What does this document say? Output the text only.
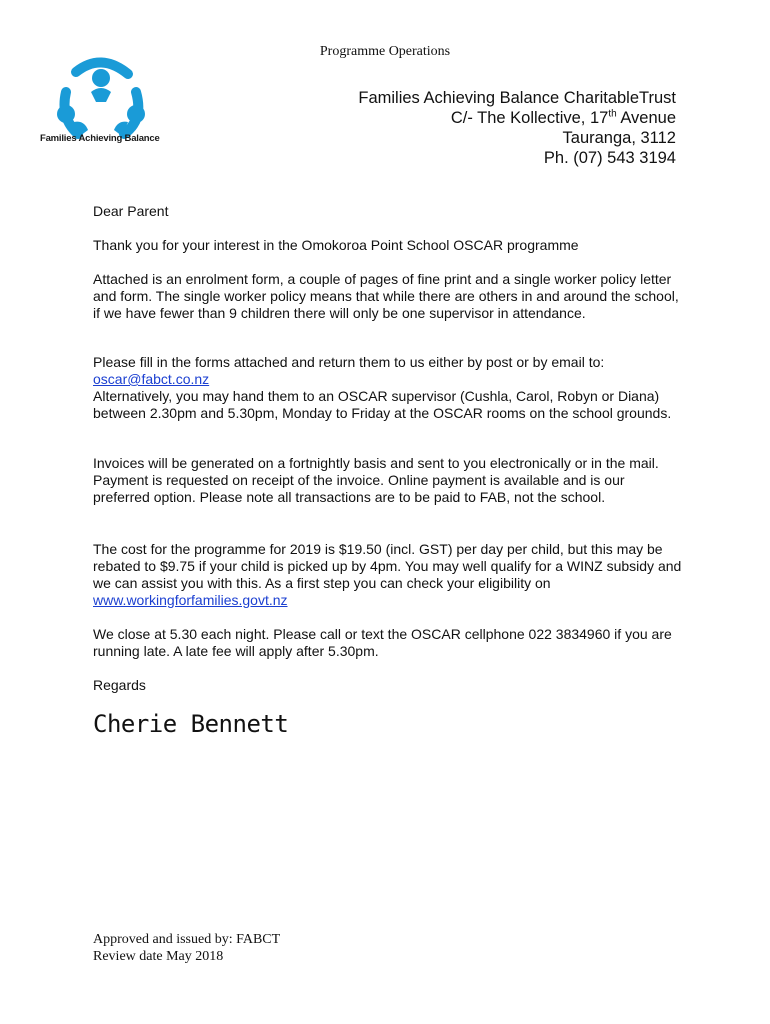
Programme Operations
Families Achieving Balance
Families Achieving Balance CharitableTrust
C/- The Kollective, 17th Avenue
Tauranga, 3112
Ph. (07) 543 3194
Dear Parent
Thank you for your interest in the Omokoroa Point School OSCAR programme
Attached is an enrolment form, a couple of pages of fine print and a single worker policy letter and form. The single worker policy means that while there are others in and around the school, if we have fewer than 9 children there will only be one supervisor in attendance.

Please fill in the forms attached and return them to us either by post or by email to:

oscar@fabct.co.nz

Alternatively, you may hand them to an OSCAR supervisor (Cushla, Carol, Robyn or Diana) between 2.30pm and 5.30pm, Monday to Friday at the OSCAR rooms on the school grounds.

Invoices will be generated on a fortnightly basis and sent to you electronically or in the mail. Payment is requested on receipt of the invoice. Online payment is available and is our preferred option. Please note all transactions are to be paid to FAB, not the school.
The cost for the programme for 2019 is $19.50 (incl. GST) per day per child, but this may be rebated to $9.75 if your child is picked up by 4pm. You may well qualify for a WINZ subsidy and we can assist you with this. As a first step you can check your eligibility on www.workingforfamilies.govt.nz
We close at 5.30 each night. Please call or text the OSCAR cellphone 022 3834960 if you are running late. A late fee will apply after 5.30pm.
Regards
Cherie Bennett
Approved and issued by: FABCT
Review date May 2018
